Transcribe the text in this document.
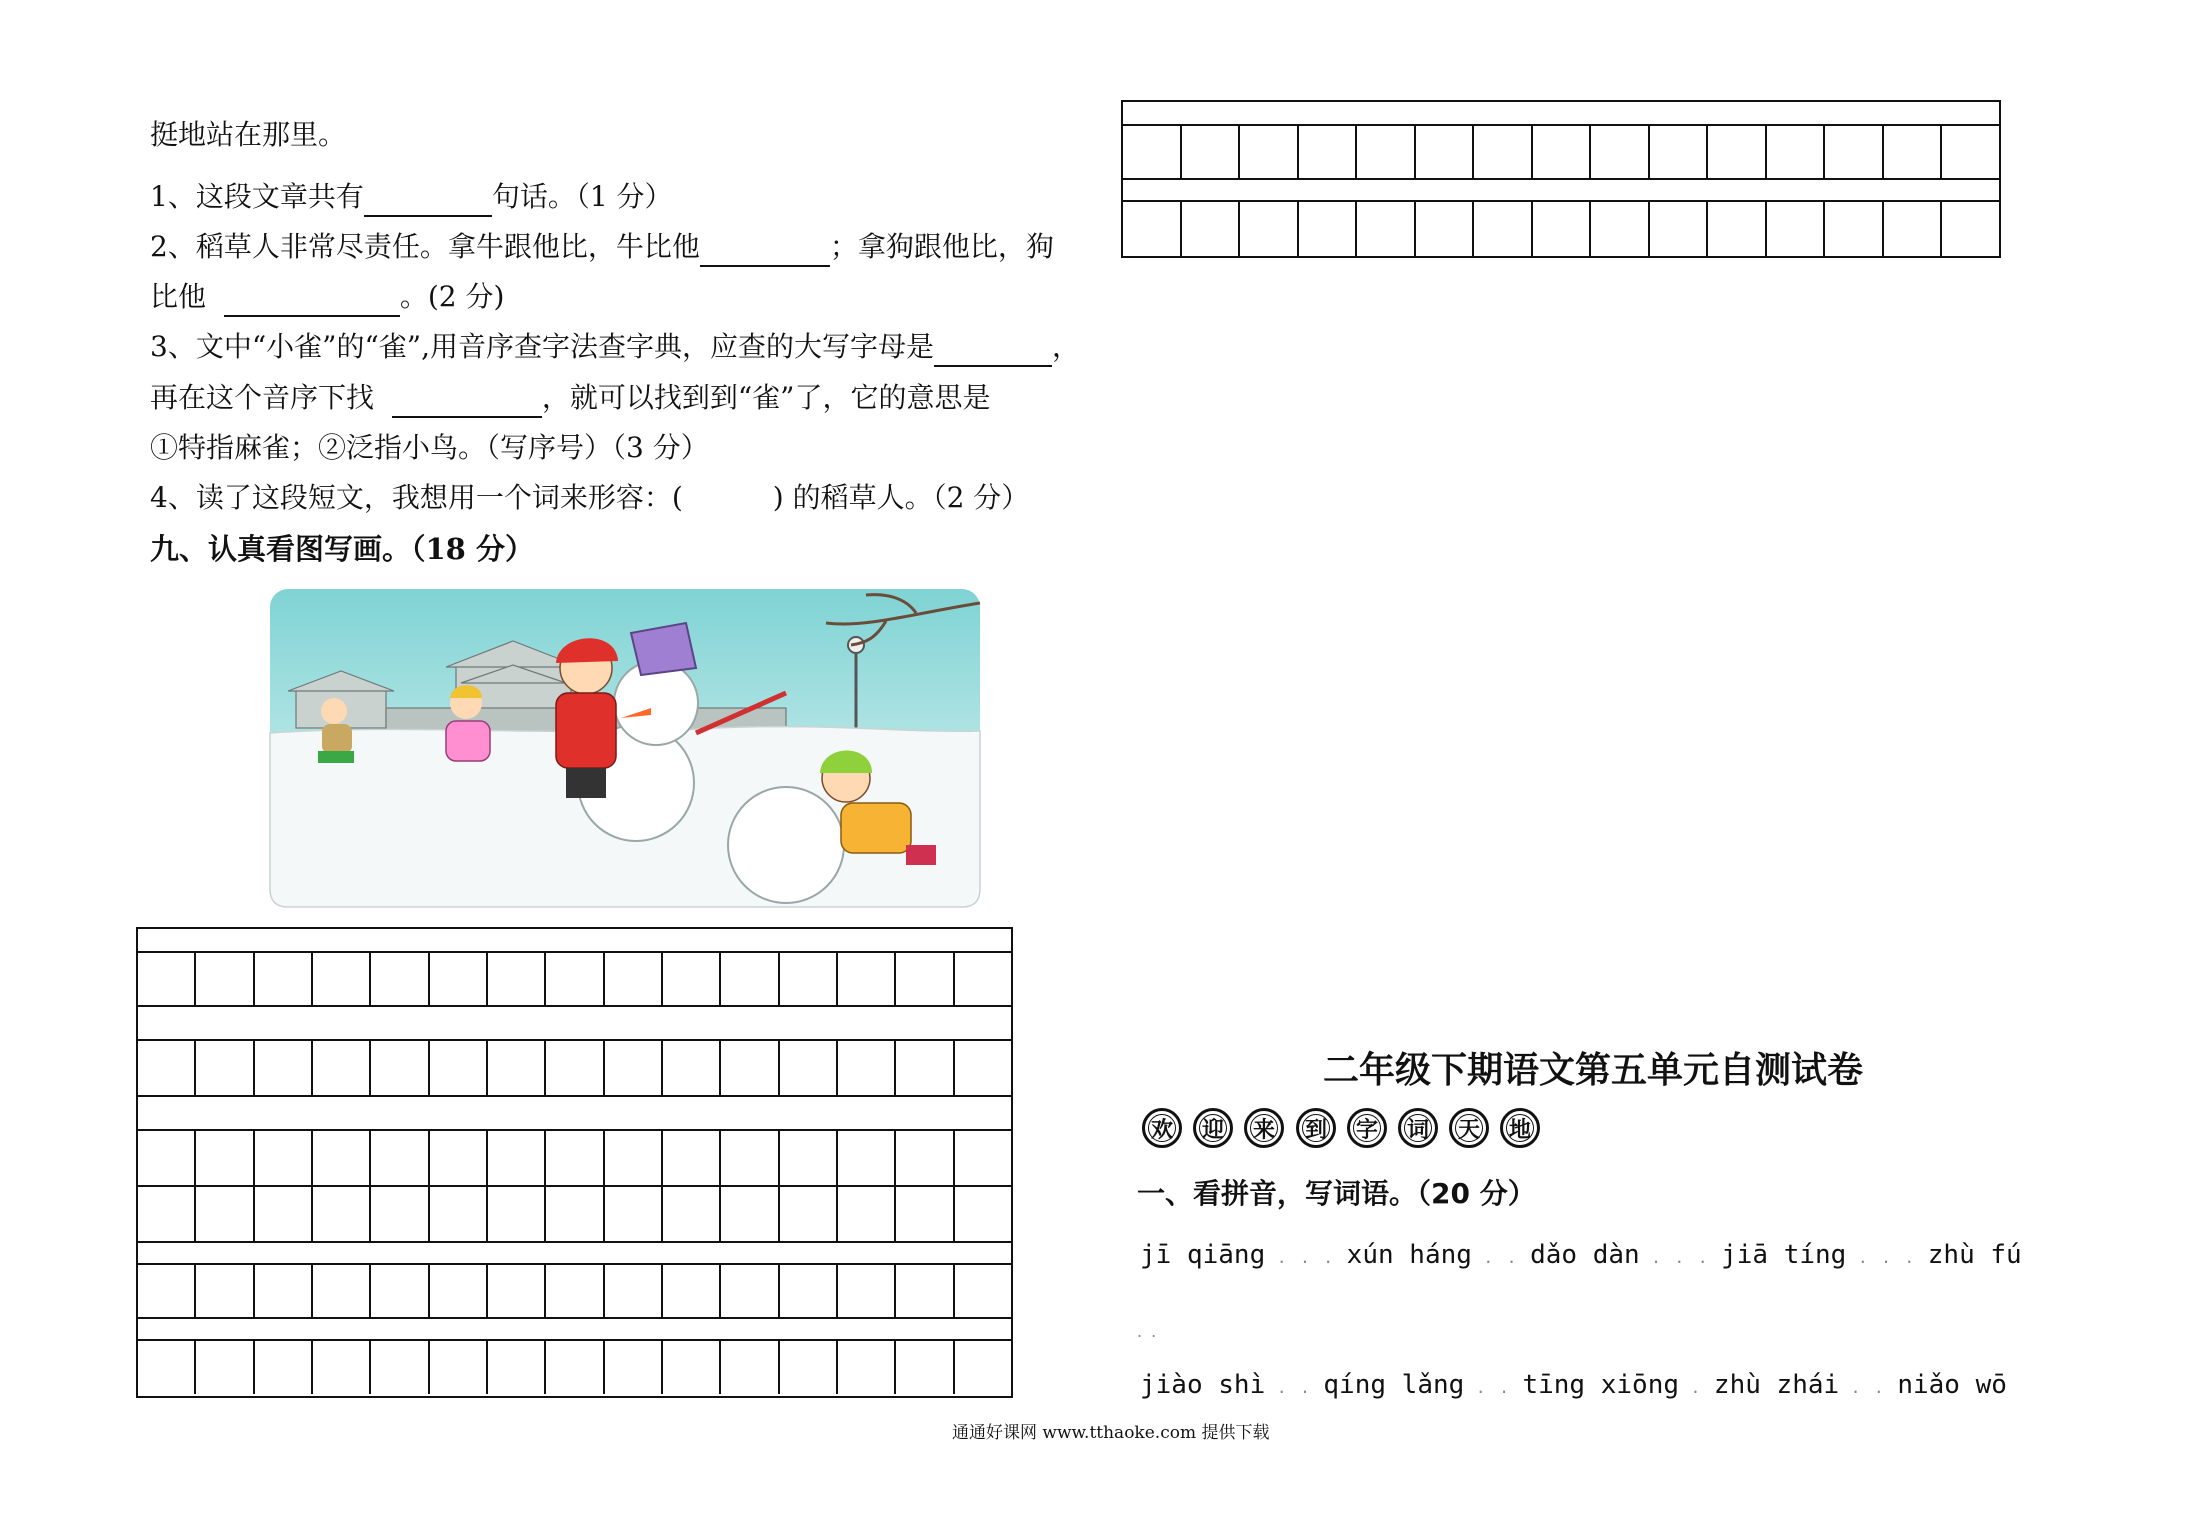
挺地站在那里。
1、这段文章共有	句话。（1 分）
2、稻草人非常尽责任。拿牛跟他比，牛比他	；拿狗跟他比，狗
比他	。(2 分)
3、文中“小雀”的“雀”,用音序查字法查字典，应查的大写字母是	，
再在这个音序下找	，就可以找到到“雀”了，它的意思是
①特指麻雀；②泛指小鸟。（写序号）（3 分）
4、读了这段短文，我想用一个词来形容：(	) 的稻草人。（2 分）
九、认真看图写画。（18 分）
二年级下期语文第五单元自测试卷
欢	迎	来	到	字	词	天	地
一、看拼音，写词语。（20 分）
jī qiāng . . . xún háng . . dǎo dàn . . . jiā tíng . . . zhù fú
. .
jiào shì . . qíng lǎng . . tīng xiōng . zhù zhái . . niǎo wō
通通好课网 www.tthaoke.com 提供下载
